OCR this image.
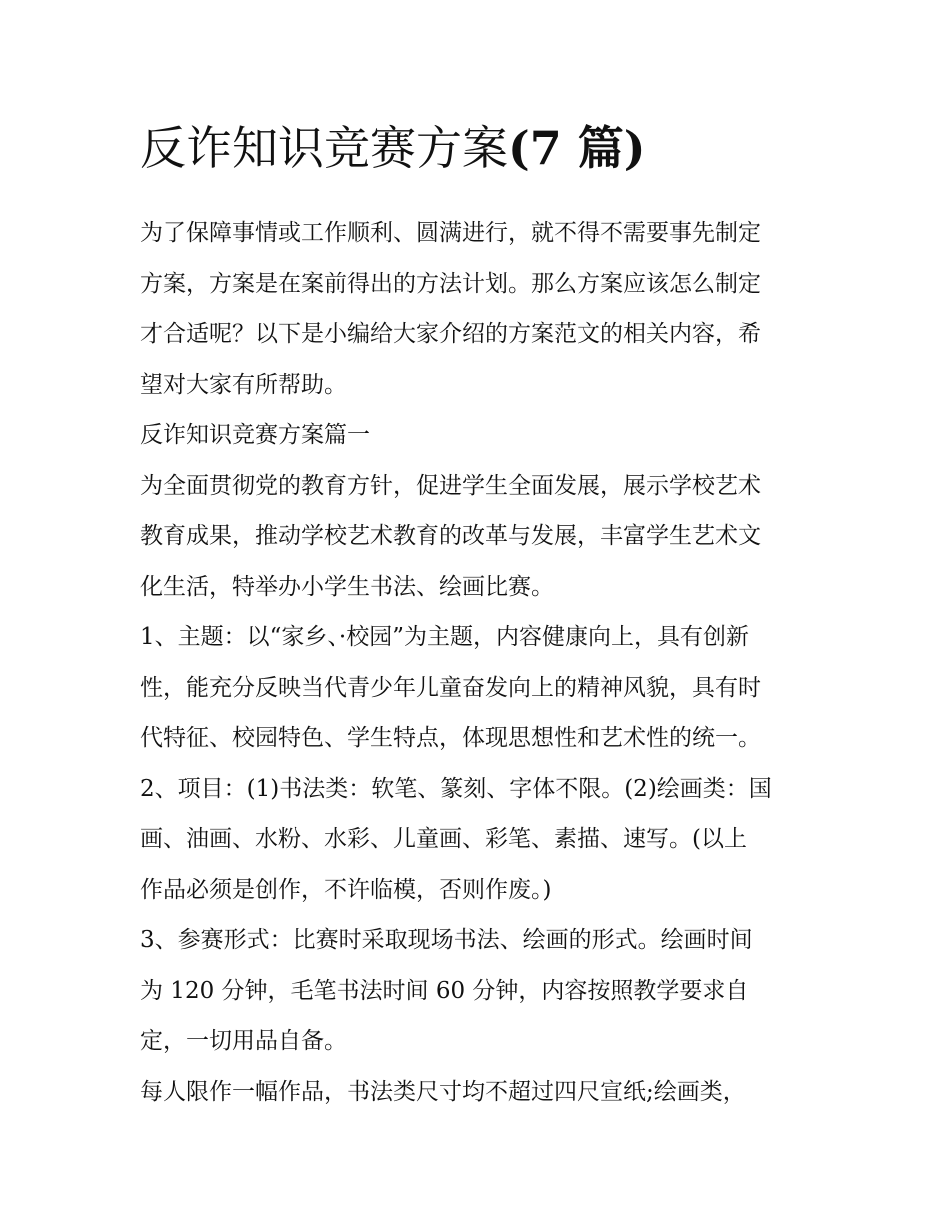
反诈知识竞赛方案(7 篇)
为了保障事情或工作顺利、圆满进行，就不得不需要事先制定
方案，方案是在案前得出的方法计划。那么方案应该怎么制定
才合适呢？以下是小编给大家介绍的方案范文的相关内容，希
望对大家有所帮助。
反诈知识竞赛方案篇一
为全面贯彻党的教育方针，促进学生全面发展，展示学校艺术
教育成果，推动学校艺术教育的改革与发展，丰富学生艺术文
化生活，特举办小学生书法、绘画比赛。
1、主题：以“家乡、·校园”为主题，内容健康向上，具有创新
性，能充分反映当代青少年儿童奋发向上的精神风貌，具有时
代特征、校园特色、学生特点，体现思想性和艺术性的统一。
2、项目：(1)书法类：软笔、篆刻、字体不限。(2)绘画类：国
画、油画、水粉、水彩、儿童画、彩笔、素描、速写。(以上
作品必须是创作，不许临模，否则作废。)
3、参赛形式：比赛时采取现场书法、绘画的形式。绘画时间
为 120 分钟，毛笔书法时间 60 分钟，内容按照教学要求自
定，一切用品自备。
每人限作一幅作品，书法类尺寸均不超过四尺宣纸;绘画类，
